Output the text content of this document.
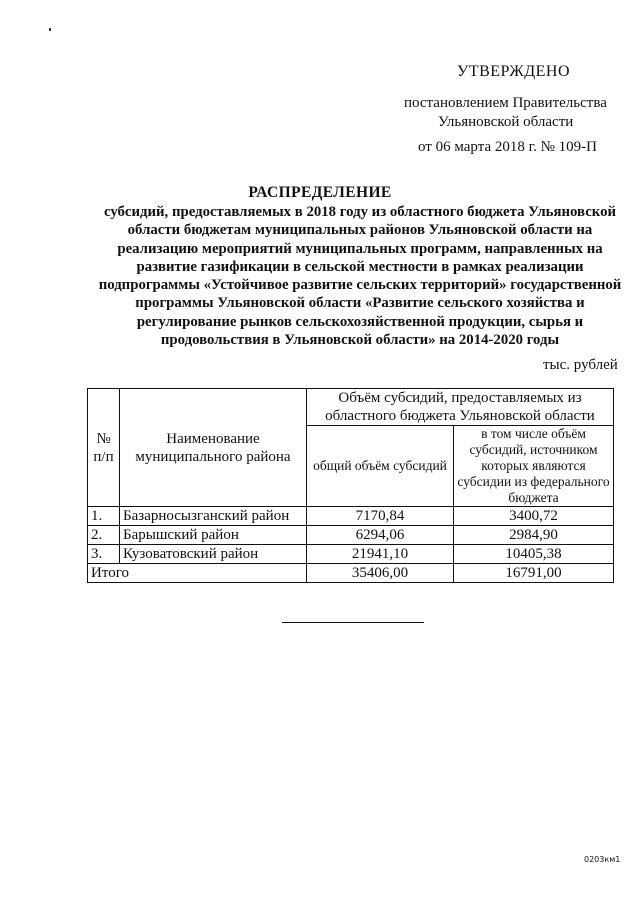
УТВЕРЖДЕНО
постановлением Правительства
Ульяновской области
от 06 марта 2018 г. № 109-П
РАСПРЕДЕЛЕНИЕ
субсидий, предоставляемых в 2018 году из областного бюджета Ульяновской области бюджетам муниципальных районов Ульяновской области на реализацию мероприятий муниципальных программ, направленных на развитие газификации в сельской местности в рамках реализации подпрограммы «Устойчивое развитие сельских территорий» государственной программы Ульяновской области «Развитие сельского хозяйства и регулирование рынков сельскохозяйственной продукции, сырья и продовольствия в Ульяновской области» на 2014-2020 годы
тыс. рублей
№ п/п	Наименование муниципального района	Объём субсидий, предоставляемых из областного бюджета Ульяновской области	
		общий объём субсидий	в том числе объём субсидий, источником которых являются субсидии из федерального бюджета
1.	Базарносызганский район	7170,84	3400,72
2.	Барышский район	6294,06	2984,90
3.	Кузоватовский район	21941,10	10405,38
Итого		35406,00	16791,00
0203км1
